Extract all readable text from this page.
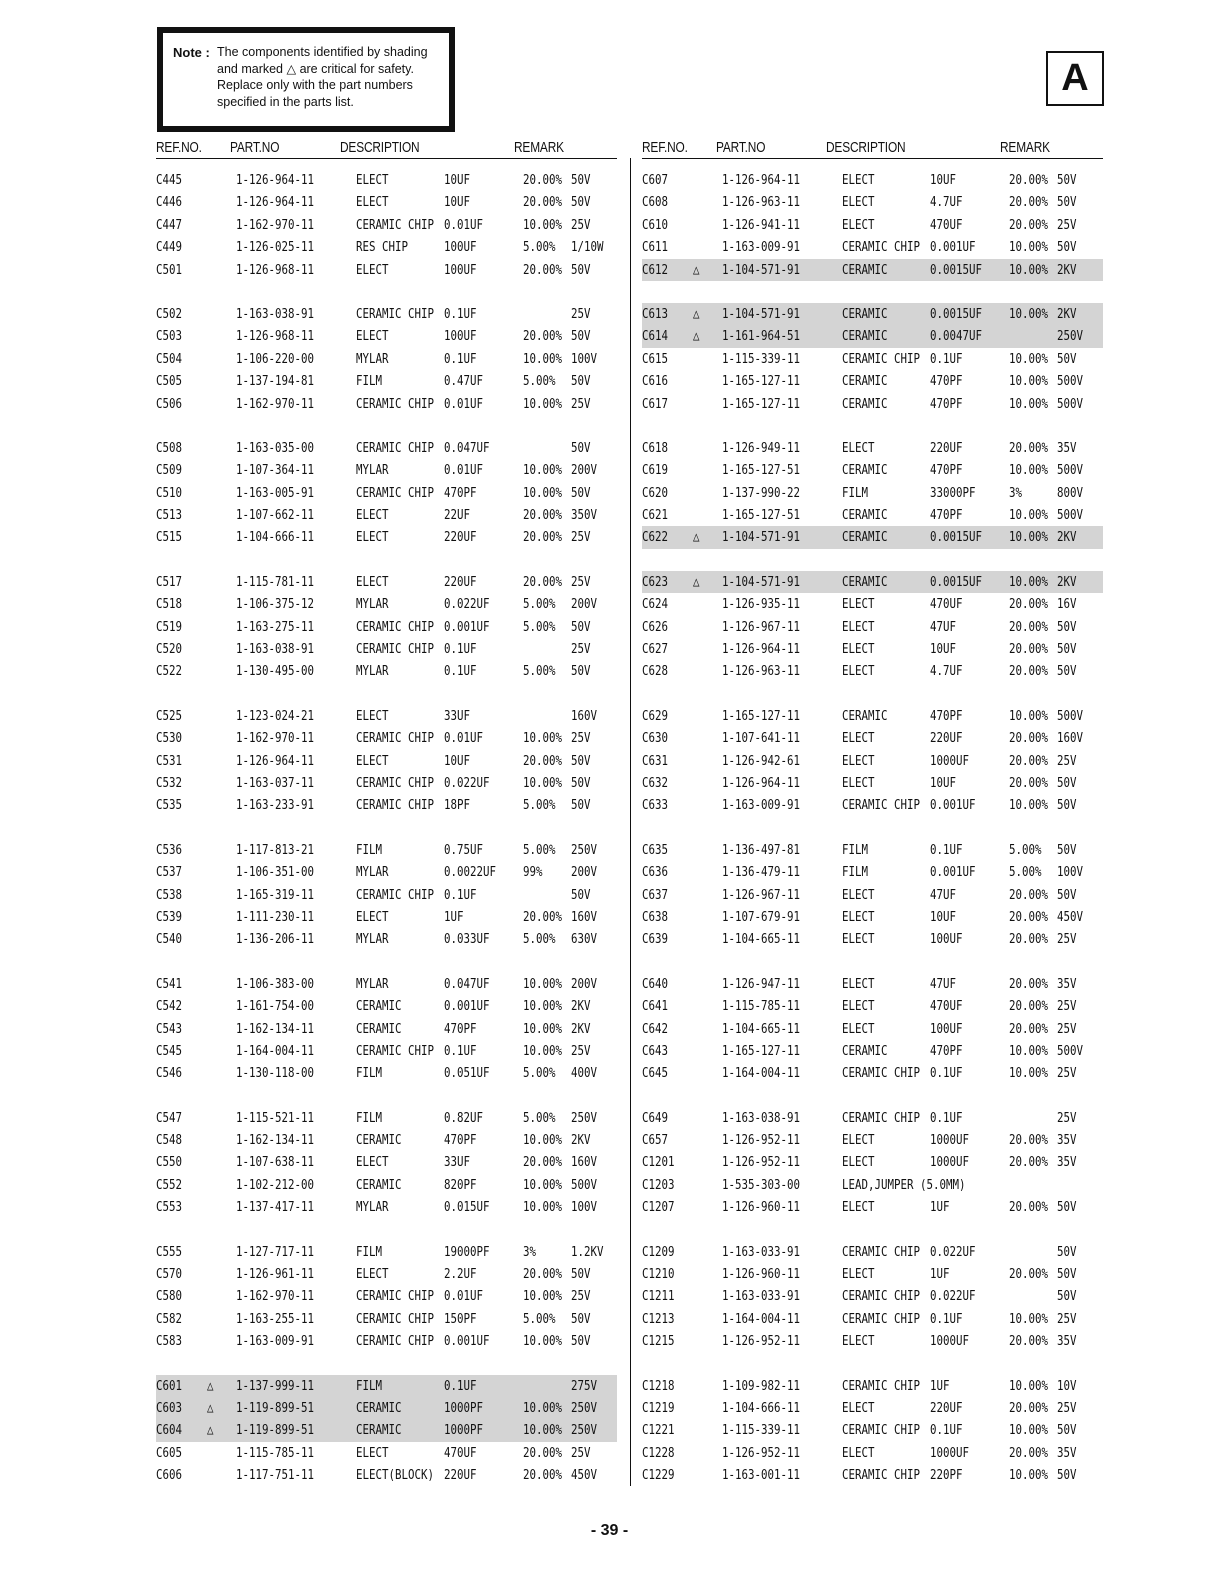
Note : The components identified by shading
and marked △ are critical for safety.
Replace only with the part numbers
specified in the parts list.
A
REF.NO. PART.NO	DESCRIPTION	REMARK
C445	1-126-964-11	ELECT	10UF	20.00% 50V
C446	1-126-964-11	ELECT	10UF	20.00% 50V
C447	1-162-970-11	CERAMIC CHIP 0.01UF	10.00% 25V
C449	1-126-025-11	RES CHIP	100UF	5.00% 1/10W
C501	1-126-968-11	ELECT	100UF	20.00% 50V
C502	1-163-038-91	CERAMIC CHIP 0.1UF	25V
C503	1-126-968-11	ELECT	100UF	20.00% 50V
C504	1-106-220-00	MYLAR	0.1UF	10.00% 100V
C505	1-137-194-81	FILM	0.47UF	5.00% 50V
C506	1-162-970-11	CERAMIC CHIP 0.01UF	10.00% 25V
C508	1-163-035-00	CERAMIC CHIP 0.047UF	50V
C509	1-107-364-11	MYLAR	0.01UF	10.00% 200V
C510	1-163-005-91	CERAMIC CHIP 470PF	10.00% 50V
C513	1-107-662-11	ELECT	22UF	20.00% 350V
C515	1-104-666-11	ELECT	220UF	20.00% 25V
C517	1-115-781-11	ELECT	220UF	20.00% 25V
C518	1-106-375-12	MYLAR	0.022UF 5.00% 200V
C519	1-163-275-11	CERAMIC CHIP 0.001UF 5.00% 50V
C520	1-163-038-91	CERAMIC CHIP 0.1UF	25V
C522	1-130-495-00	MYLAR	0.1UF	5.00% 50V
C525	1-123-024-21	ELECT	33UF	160V
C530	1-162-970-11	CERAMIC CHIP 0.01UF	10.00% 25V
C531	1-126-964-11	ELECT	10UF	20.00% 50V
C532	1-163-037-11	CERAMIC CHIP 0.022UF 10.00% 50V
C535	1-163-233-91	CERAMIC CHIP 18PF	5.00% 50V
C536	1-117-813-21	FILM	0.75UF	5.00% 250V
C537	1-106-351-00	MYLAR	0.0022UF 99% 200V
C538	1-165-319-11	CERAMIC CHIP 0.1UF	50V
C539	1-111-230-11	ELECT	1UF	20.00% 160V
C540	1-136-206-11	MYLAR	0.033UF 5.00% 630V
C541	1-106-383-00	MYLAR	0.047UF 10.00% 200V
C542	1-161-754-00	CERAMIC	0.001UF 10.00% 2KV
C543	1-162-134-11	CERAMIC	470PF	10.00% 2KV
C545	1-164-004-11	CERAMIC CHIP 0.1UF	10.00% 25V
C546	1-130-118-00	FILM	0.051UF 5.00% 400V
C547	1-115-521-11	FILM	0.82UF	5.00% 250V
C548	1-162-134-11	CERAMIC	470PF	10.00% 2KV
C550	1-107-638-11	ELECT	33UF	20.00% 160V
C552	1-102-212-00	CERAMIC	820PF	10.00% 500V
C553	1-137-417-11	MYLAR	0.015UF 10.00% 100V
C555	1-127-717-11	FILM	19000PF 3%	1.2KV
C570	1-126-961-11	ELECT	2.2UF	20.00% 50V
C580	1-162-970-11	CERAMIC CHIP 0.01UF	10.00% 25V
C582	1-163-255-11	CERAMIC CHIP 150PF	5.00% 50V
C583	1-163-009-91	CERAMIC CHIP 0.001UF 10.00% 50V
C601 △ 1-137-999-11	FILM	0.1UF	275V
C603 △ 1-119-899-51	CERAMIC	1000PF	10.00% 250V
C604 △ 1-119-899-51	CERAMIC	1000PF	10.00% 250V
C605	1-115-785-11	ELECT	470UF	20.00% 25V
C606	1-117-751-11	ELECT(BLOCK) 220UF	20.00% 450V
REF.NO. PART.NO	DESCRIPTION	REMARK
C607	1-126-964-11	ELECT	10UF	20.00% 50V
C608	1-126-963-11	ELECT	4.7UF	20.00% 50V
C610	1-126-941-11	ELECT	470UF	20.00% 25V
C611	1-163-009-91	CERAMIC CHIP 0.001UF 10.00% 50V
C612 △ 1-104-571-91	CERAMIC	0.0015UF 10.00% 2KV
C613 △ 1-104-571-91	CERAMIC	0.0015UF 10.00% 2KV
C614 △ 1-161-964-51	CERAMIC	0.0047UF	250V
C615	1-115-339-11	CERAMIC CHIP 0.1UF	10.00% 50V
C616	1-165-127-11	CERAMIC	470PF	10.00% 500V
C617	1-165-127-11	CERAMIC	470PF	10.00% 500V
C618	1-126-949-11	ELECT	220UF	20.00% 35V
C619	1-165-127-51	CERAMIC	470PF	10.00% 500V
C620	1-137-990-22	FILM	33000PF 3%	800V
C621	1-165-127-51	CERAMIC	470PF	10.00% 500V
C622 △ 1-104-571-91	CERAMIC	0.0015UF 10.00% 2KV
C623 △ 1-104-571-91	CERAMIC	0.0015UF 10.00% 2KV
C624	1-126-935-11	ELECT	470UF	20.00% 16V
C626	1-126-967-11	ELECT	47UF	20.00% 50V
C627	1-126-964-11	ELECT	10UF	20.00% 50V
C628	1-126-963-11	ELECT	4.7UF	20.00% 50V
C629	1-165-127-11	CERAMIC	470PF	10.00% 500V
C630	1-107-641-11	ELECT	220UF	20.00% 160V
C631	1-126-942-61	ELECT	1000UF	20.00% 25V
C632	1-126-964-11	ELECT	10UF	20.00% 50V
C633	1-163-009-91	CERAMIC CHIP 0.001UF 10.00% 50V
C635	1-136-497-81	FILM	0.1UF	5.00% 50V
C636	1-136-479-11	FILM	0.001UF 5.00% 100V
C637	1-126-967-11	ELECT	47UF	20.00% 50V
C638	1-107-679-91	ELECT	10UF	20.00% 450V
C639	1-104-665-11	ELECT	100UF	20.00% 25V
C640	1-126-947-11	ELECT	47UF	20.00% 35V
C641	1-115-785-11	ELECT	470UF	20.00% 25V
C642	1-104-665-11	ELECT	100UF	20.00% 25V
C643	1-165-127-11	CERAMIC	470PF	10.00% 500V
C645	1-164-004-11	CERAMIC CHIP 0.1UF	10.00% 25V
C649	1-163-038-91	CERAMIC CHIP 0.1UF	25V
C657	1-126-952-11	ELECT	1000UF	20.00% 35V
C1201	1-126-952-11	ELECT	1000UF	20.00% 35V
C1203	1-535-303-00	LEAD,JUMPER (5.0MM)
C1207	1-126-960-11	ELECT	1UF	20.00% 50V
C1209	1-163-033-91	CERAMIC CHIP 0.022UF	50V
C1210	1-126-960-11	ELECT	1UF	20.00% 50V
C1211	1-163-033-91	CERAMIC CHIP 0.022UF	50V
C1213	1-164-004-11	CERAMIC CHIP 0.1UF	10.00% 25V
C1215	1-126-952-11	ELECT	1000UF	20.00% 35V
C1218	1-109-982-11	CERAMIC CHIP 1UF	10.00% 10V
C1219	1-104-666-11	ELECT	220UF	20.00% 25V
C1221	1-115-339-11	CERAMIC CHIP 0.1UF	10.00% 50V
C1228	1-126-952-11	ELECT	1000UF	20.00% 35V
C1229	1-163-001-11	CERAMIC CHIP 220PF	10.00% 50V
- 39 -
